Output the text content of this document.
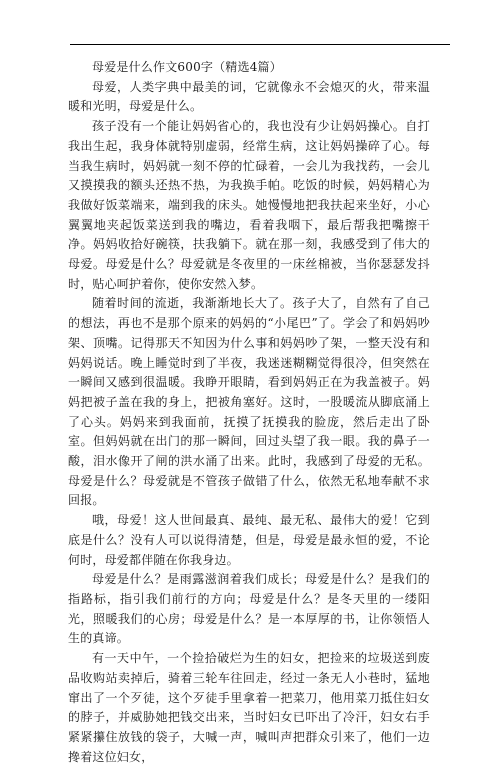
母爱是什么作文600字（精选4篇）

母爱，人类字典中最美的词，它就像永不会熄灭的火，带来温暖和光明，母爱是什么。

孩子没有一个能让妈妈省心的，我也没有少让妈妈操心。自打我出生起，我身体就特别虚弱，经常生病，这让妈妈操碎了心。每当我生病时，妈妈就一刻不停的忙碌着，一会儿为我找药，一会儿又摸摸我的额头还热不热，为我换手帕。吃饭的时候，妈妈精心为我做好饭菜端来，端到我的床头。她慢慢地把我扶起来坐好，小心翼翼地夹起饭菜送到我的嘴边，看着我咽下，最后帮我把嘴擦干净。妈妈收拾好碗筷，扶我躺下。就在那一刻，我感受到了伟大的母爱。母爱是什么？母爱就是冬夜里的一床丝棉被，当你瑟瑟发抖时，贴心呵护着你，使你安然入梦。

随着时间的流逝，我渐渐地长大了。孩子大了，自然有了自己的想法，再也不是那个原来的妈妈的“小尾巴”了。学会了和妈妈吵架、顶嘴。记得那天不知因为什么事和妈妈吵了架，一整天没有和妈妈说话。晚上睡觉时到了半夜，我迷迷糊糊觉得很冷，但突然在一瞬间又感到很温暖。我睁开眼睛，看到妈妈正在为我盖被子。妈妈把被子盖在我的身上，把被角塞好。这时，一股暖流从脚底涌上了心头。妈妈来到我面前，抚摸了抚摸我的脸庞，然后走出了卧室。但妈妈就在出门的那一瞬间，回过头望了我一眼。我的鼻子一酸，泪水像开了闸的洪水涌了出来。此时，我感到了母爱的无私。母爱是什么？母爱就是不管孩子做错了什么，依然无私地奉献不求回报。

哦，母爱！这人世间最真、最纯、最无私、最伟大的爱！它到底是什么？没有人可以说得清楚，但是，母爱是最永恒的爱，不论何时，母爱都伴随在你我身边。

母爱是什么？是雨露滋润着我们成长；母爱是什么？是我们的指路标，指引我们前行的方向；母爱是什么？是冬天里的一缕阳光，照暖我们的心房；母爱是什么？是一本厚厚的书，让你领悟人生的真谛。

有一天中午，一个捡拾破烂为生的妇女，把捡来的垃圾送到废品收购站卖掉后，骑着三轮车往回走，经过一条无人小巷时，猛地窜出了一个歹徒，这个歹徒手里拿着一把菜刀，他用菜刀抵住妇女的脖子，并威胁她把钱交出来，当时妇女已吓出了冷汗，妇女右手紧紧攥住放钱的袋子，大喊一声，喊叫声把群众引来了，他们一边搀着这位妇女，
